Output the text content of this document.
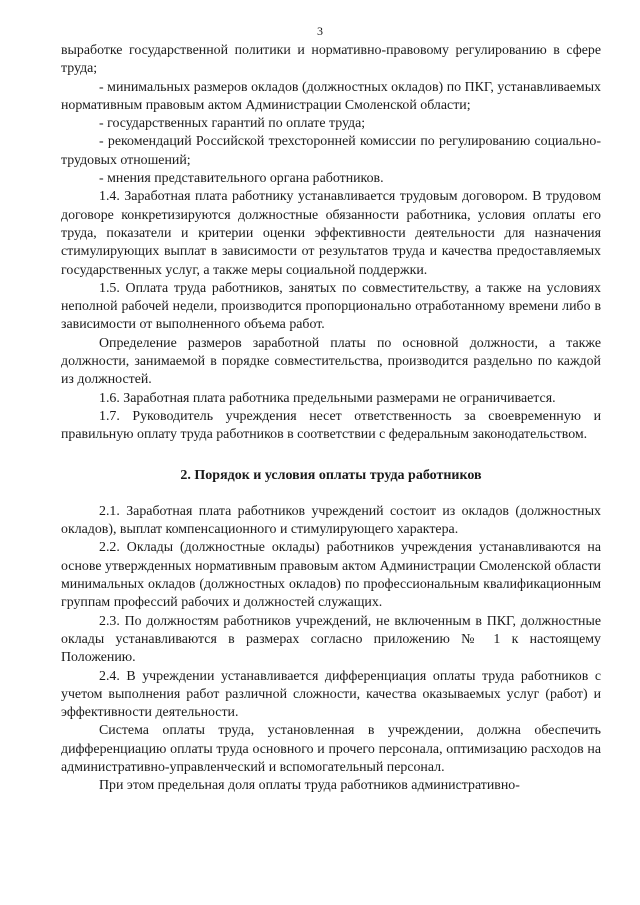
3

выработке государственной политики и нормативно-правовому регулированию в сфере труда;

- минимальных размеров окладов (должностных окладов) по ПКГ, устанавливаемых нормативным правовым актом Администрации Смоленской области;

- государственных гарантий по оплате труда;

- рекомендаций Российской трехсторонней комиссии по регулированию социально-трудовых отношений;

- мнения представительного органа работников.

1.4. Заработная плата работнику устанавливается трудовым договором. В трудовом договоре конкретизируются должностные обязанности работника, условия оплаты его труда, показатели и критерии оценки эффективности деятельности для назначения стимулирующих выплат в зависимости от результатов труда и качества предоставляемых государственных услуг, а также меры социальной поддержки.

1.5. Оплата труда работников, занятых по совместительству, а также на условиях неполной рабочей недели, производится пропорционально отработанному времени либо в зависимости от выполненного объема работ.

Определение размеров заработной платы по основной должности, а также должности, занимаемой в порядке совместительства, производится раздельно по каждой из должностей.

1.6. Заработная плата работника предельными размерами не ограничивается.

1.7. Руководитель учреждения несет ответственность за своевременную и правильную оплату труда работников в соответствии с федеральным законодательством.

2. Порядок и условия оплаты труда работников

2.1. Заработная плата работников учреждений состоит из окладов (должностных окладов), выплат компенсационного и стимулирующего характера.

2.2. Оклады (должностные оклады) работников учреждения устанавливаются на основе утвержденных нормативным правовым актом Администрации Смоленской области минимальных окладов (должностных окладов) по профессиональным квалификационным группам профессий рабочих и должностей служащих.

2.3. По должностям работников учреждений, не включенным в ПКГ, должностные оклады устанавливаются в размерах согласно приложению № 1 к настоящему Положению.

2.4. В учреждении устанавливается дифференциация оплаты труда работников с учетом выполнения работ различной сложности, качества оказываемых услуг (работ) и эффективности деятельности.

Система оплаты труда, установленная в учреждении, должна обеспечить дифференциацию оплаты труда основного и прочего персонала, оптимизацию расходов на административно-управленческий и вспомогательный персонал.

При этом предельная доля оплаты труда работников административно-
